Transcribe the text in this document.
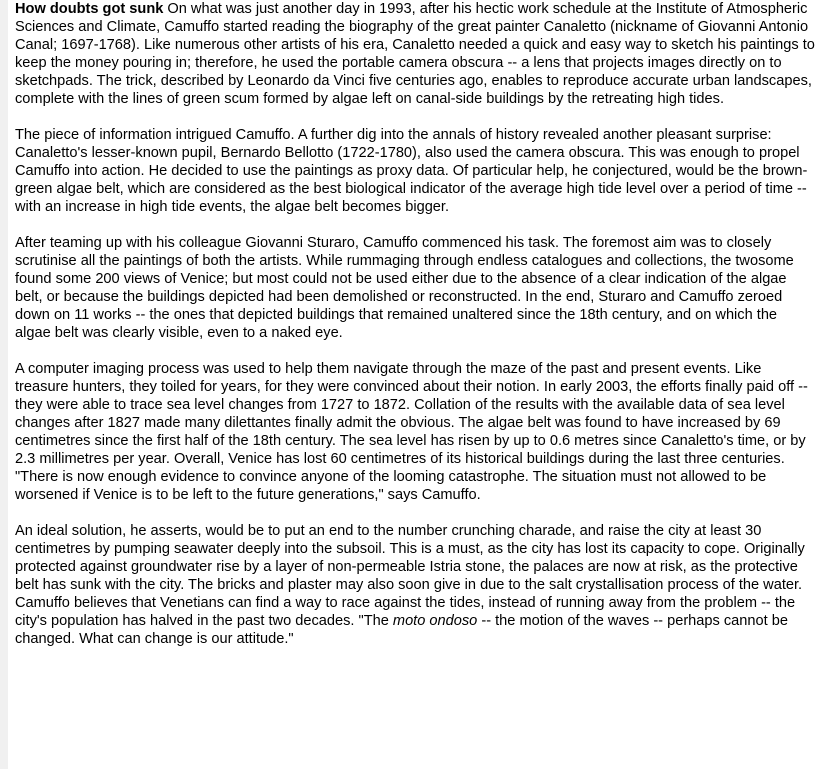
How doubts got sunk On what was just another day in 1993, after his hectic work schedule at the Institute of Atmospheric Sciences and Climate, Camuffo started reading the biography of the great painter Canaletto (nickname of Giovanni Antonio Canal; 1697-1768). Like numerous other artists of his era, Canaletto needed a quick and easy way to sketch his paintings to keep the money pouring in; therefore, he used the portable camera obscura -- a lens that projects images directly on to sketchpads. The trick, described by Leonardo da Vinci five centuries ago, enables to reproduce accurate urban landscapes, complete with the lines of green scum formed by algae left on canal-side buildings by the retreating high tides.

The piece of information intrigued Camuffo. A further dig into the annals of history revealed another pleasant surprise: Canaletto's lesser-known pupil, Bernardo Bellotto (1722-1780), also used the camera obscura. This was enough to propel Camuffo into action. He decided to use the paintings as proxy data. Of particular help, he conjectured, would be the brown-green algae belt, which are considered as the best biological indicator of the average high tide level over a period of time -- with an increase in high tide events, the algae belt becomes bigger.

After teaming up with his colleague Giovanni Sturaro, Camuffo commenced his task. The foremost aim was to closely scrutinise all the paintings of both the artists. While rummaging through endless catalogues and collections, the twosome found some 200 views of Venice; but most could not be used either due to the absence of a clear indication of the algae belt, or because the buildings depicted had been demolished or reconstructed. In the end, Sturaro and Camuffo zeroed down on 11 works -- the ones that depicted buildings that remained unaltered since the 18th century, and on which the algae belt was clearly visible, even to a naked eye.

A computer imaging process was used to help them navigate through the maze of the past and present events. Like treasure hunters, they toiled for years, for they were convinced about their notion. In early 2003, the efforts finally paid off -- they were able to trace sea level changes from 1727 to 1872. Collation of the results with the available data of sea level changes after 1827 made many dilettantes finally admit the obvious. The algae belt was found to have increased by 69 centimetres since the first half of the 18th century. The sea level has risen by up to 0.6 metres since Canaletto's time, or by 2.3 millimetres per year. Overall, Venice has lost 60 centimetres of its historical buildings during the last three centuries. "There is now enough evidence to convince anyone of the looming catastrophe. The situation must not allowed to be worsened if Venice is to be left to the future generations," says Camuffo.

An ideal solution, he asserts, would be to put an end to the number crunching charade, and raise the city at least 30 centimetres by pumping seawater deeply into the subsoil. This is a must, as the city has lost its capacity to cope. Originally protected against groundwater rise by a layer of non-permeable Istria stone, the palaces are now at risk, as the protective belt has sunk with the city. The bricks and plaster may also soon give in due to the salt crystallisation process of the water. Camuffo believes that Venetians can find a way to race against the tides, instead of running away from the problem -- the city's population has halved in the past two decades. "The moto ondoso -- the motion of the waves -- perhaps cannot be changed. What can change is our attitude."
